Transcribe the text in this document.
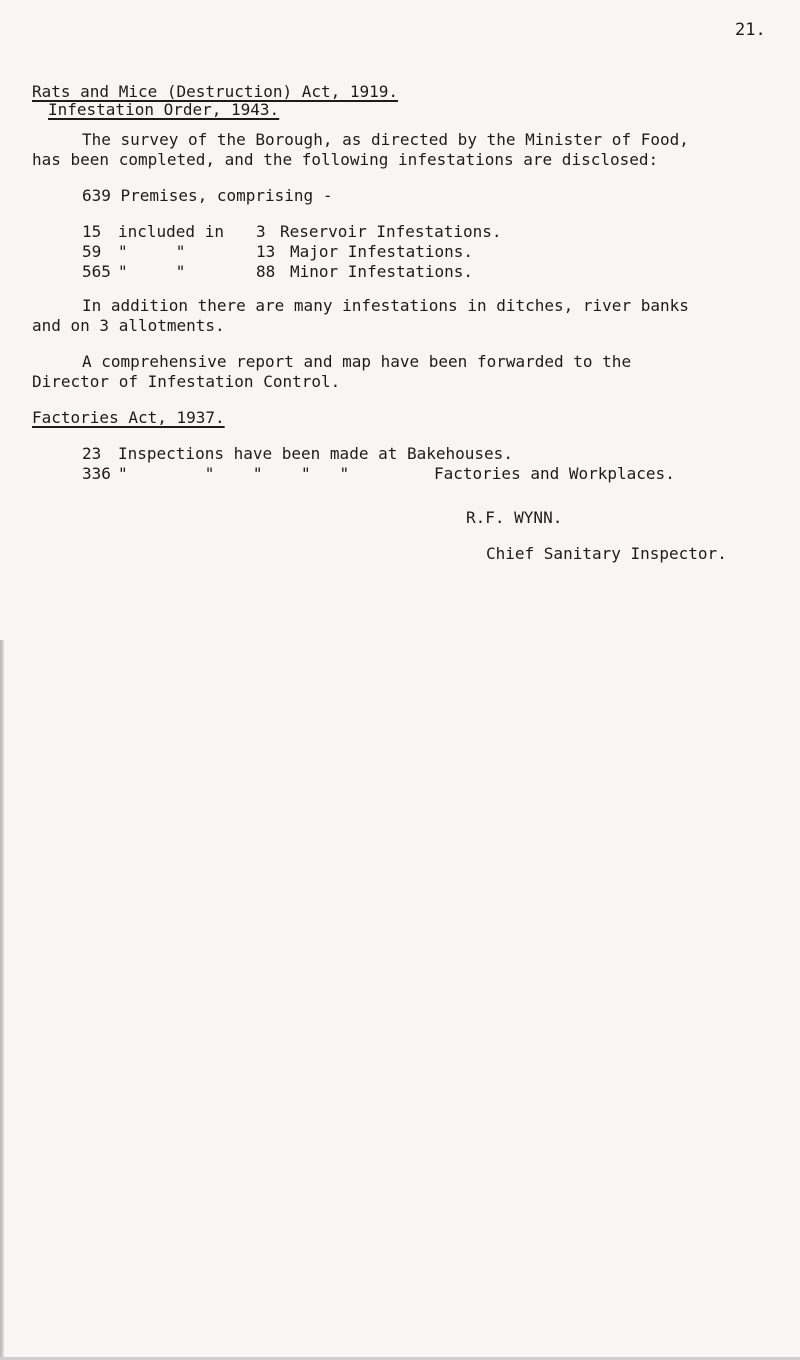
21.
Rats and Mice (Destruction) Act, 1919.
Infestation Order, 1943.
The survey of the Borough, as directed by the Minister of Food,
has been completed, and the following infestations are disclosed:
639 Premises, comprising -
15 included in 3 Reservoir Infestations.
59 "     "	13 Major Infestations.
565 "     "	88 Minor Infestations.
In addition there are many infestations in ditches, river banks
and on 3 allotments.
A comprehensive report and map have been forwarded to the
Director of Infestation Control.
Factories Act, 1937.
23 Inspections have been made at Bakehouses.
336 "        "    "    "   "	Factories and Workplaces.
R.F. WYNN.
Chief Sanitary Inspector.
